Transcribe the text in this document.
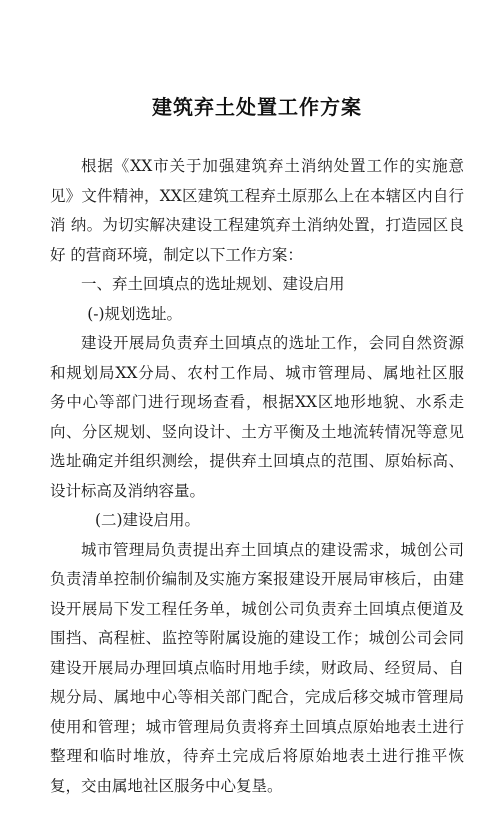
建筑弃土处置工作方案

根据《XX市关于加强建筑弃土消纳处置工作的实施意 见》文件精神，XX区建筑工程弃土原那么上在本辖区内自行消 纳。为切实解决建设工程建筑弃土消纳处置，打造园区良好 的营商环境，制定以下工作方案：

一、弃土回填点的选址规划、建设启用

(-)规划选址。

建设开展局负责弃土回填点的选址工作，会同自然资源 和规划局XX分局、农村工作局、城市管理局、属地社区服 务中心等部门进行现场查看，根据XX区地形地貌、水系走 向、分区规划、竖向设计、土方平衡及土地流转情况等意见 选址确定并组织测绘，提供弃土回填点的范围、原始标高、 设计标高及消纳容量。

(二)建设启用。

城市管理局负责提出弃土回填点的建设需求，城创公司 负责清单控制价编制及实施方案报建设开展局审核后，由建 设开展局下发工程任务单，城创公司负责弃土回填点便道及 围挡、高程桩、监控等附属设施的建设工作；城创公司会同 建设开展局办理回填点临时用地手续，财政局、经贸局、自 规分局、属地中心等相关部门配合，完成后移交城市管理局 使用和管理；城市管理局负责将弃土回填点原始地表土进行 整理和临时堆放，待弃土完成后将原始地表土进行推平恢 复，交由属地社区服务中心复垦。
